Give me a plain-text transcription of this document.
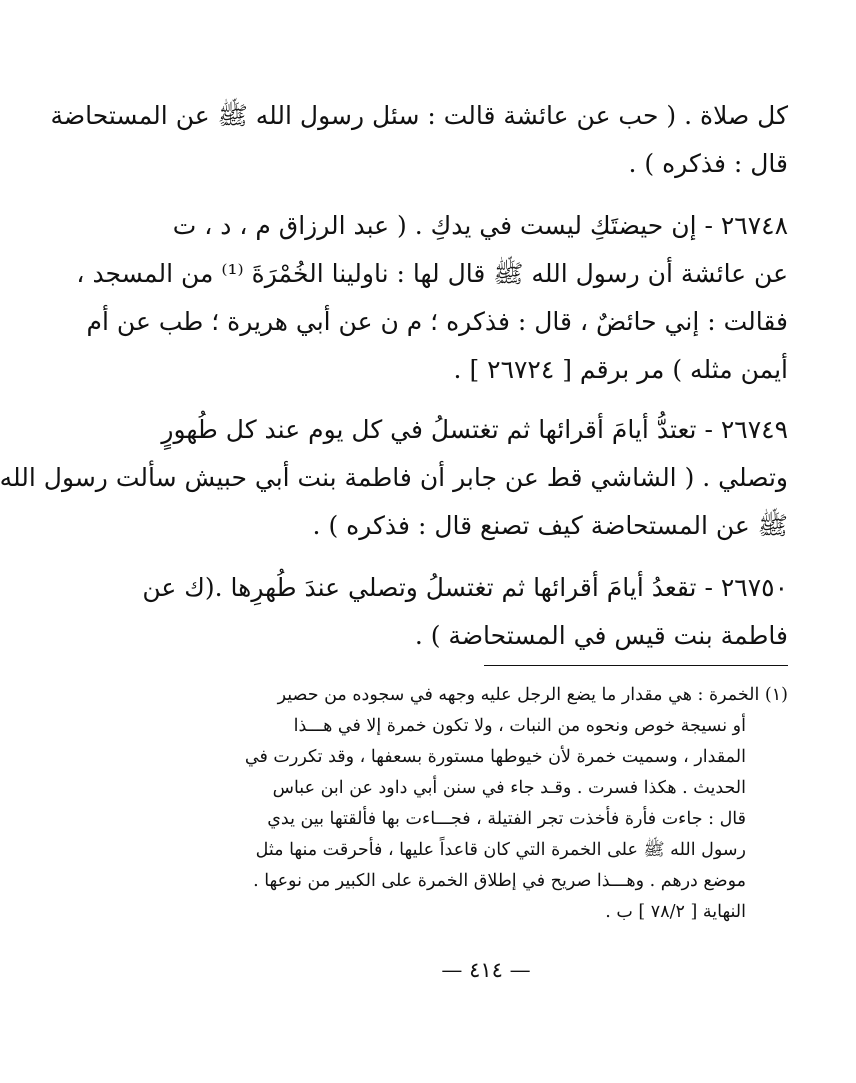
كل صلاة . ( حب عن عائشة قالت : سئل رسول الله ﷺ عن المستحاضة
قال : فذكره ) .
٢٦٧٤٨ - إن حيضتَكِ ليست في يدكِ . ( عبد الرزاق م ، د ، ت
عن عائشة أن رسول الله ﷺ قال لها : ناولينا الخُمْرَةَ ⁽¹⁾ من المسجد ،
فقالت : إني حائضٌ ، قال : فذكره ؛ م ن عن أبي هريرة ؛ طب عن أم
أيمن مثله ) مر برقم [ ٢٦٧٢٤ ] .
٢٦٧٤٩ - تعتدُّ أيامَ أقرائها ثم تغتسلُ في كل يوم عند كل طُهورٍ
وتصلي . ( الشاشي قط عن جابر أن فاطمة بنت أبي حبيش سألت رسول الله
ﷺ عن المستحاضة كيف تصنع قال : فذكره ) .
٢٦٧٥٠ - تقعدُ أيامَ أقرائها ثم تغتسلُ وتصلي عندَ طُهرِها .(ك عن
فاطمة بنت قيس في المستحاضة ) .
(١) الخمرة : هي مقدار ما يضع الرجل عليه وجهه في سجوده من حصير
أو نسيجة خوص ونحوه من النبات ، ولا تكون خمرة إلا في هـــذا
المقدار ، وسميت خمرة لأن خيوطها مستورة بسعفها ، وقد تكررت في
الحديث . هكذا فسرت . وقـد جاء في سنن أبي داود عن ابن عباس
قال : جاءت فأرة فأخذت تجر الفتيلة ، فجـــاءت بها فألقتها بين يدي
رسول الله ﷺ على الخمرة التي كان قاعداً عليها ، فأحرقت منها مثل
موضع درهم . وهـــذا صريح في إطلاق الخمرة على الكبير من نوعها .
النهاية [ ٧٨/٢ ] ب .
— ٤١٤ —
